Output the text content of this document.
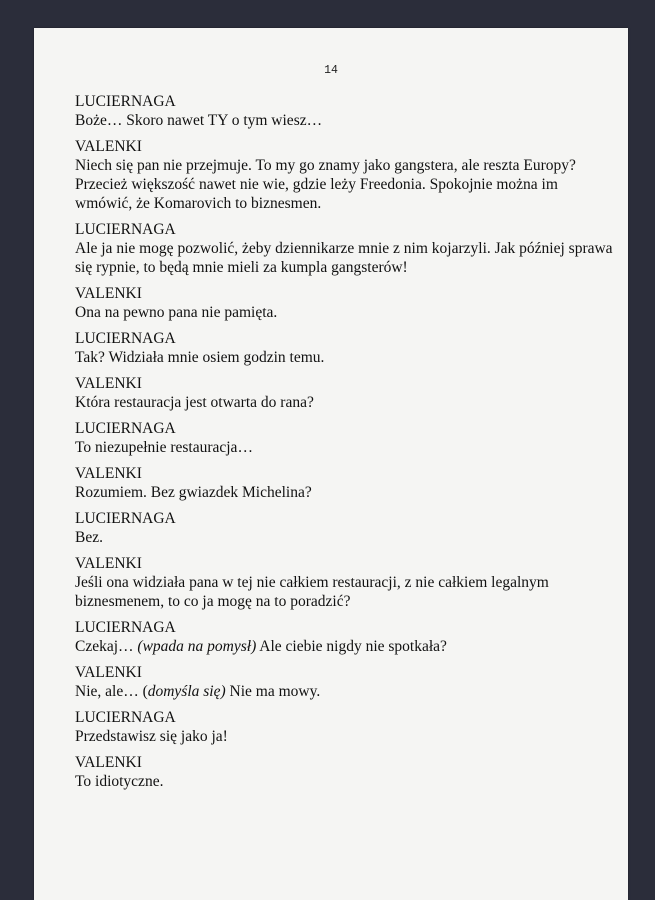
14
LUCIERNAGA
Boże… Skoro nawet TY o tym wiesz…
VALENKI
Niech się pan nie przejmuje. To my go znamy jako gangstera, ale reszta Europy? Przecież większość nawet nie wie, gdzie leży Freedonia. Spokojnie można im wmówić, że Komarovich to biznesmen.
LUCIERNAGA
Ale ja nie mogę pozwolić, żeby dziennikarze mnie z nim kojarzyli. Jak później sprawa się rypnie, to będą mnie mieli za kumpla gangsterów!
VALENKI
Ona na pewno pana nie pamięta.
LUCIERNAGA
Tak? Widziała mnie osiem godzin temu.
VALENKI
Która restauracja jest otwarta do rana?
LUCIERNAGA
To niezupełnie restauracja…
VALENKI
Rozumiem. Bez gwiazdek Michelina?
LUCIERNAGA
Bez.
VALENKI
Jeśli ona widziała pana w tej nie całkiem restauracji, z nie całkiem legalnym biznesmenem, to co ja mogę na to poradzić?
LUCIERNAGA
Czekaj… (wpada na pomysł) Ale ciebie nigdy nie spotkała?
VALENKI
Nie, ale… (domyśla się) Nie ma mowy.
LUCIERNAGA
Przedstawisz się jako ja!
VALENKI
To idiotyczne.
